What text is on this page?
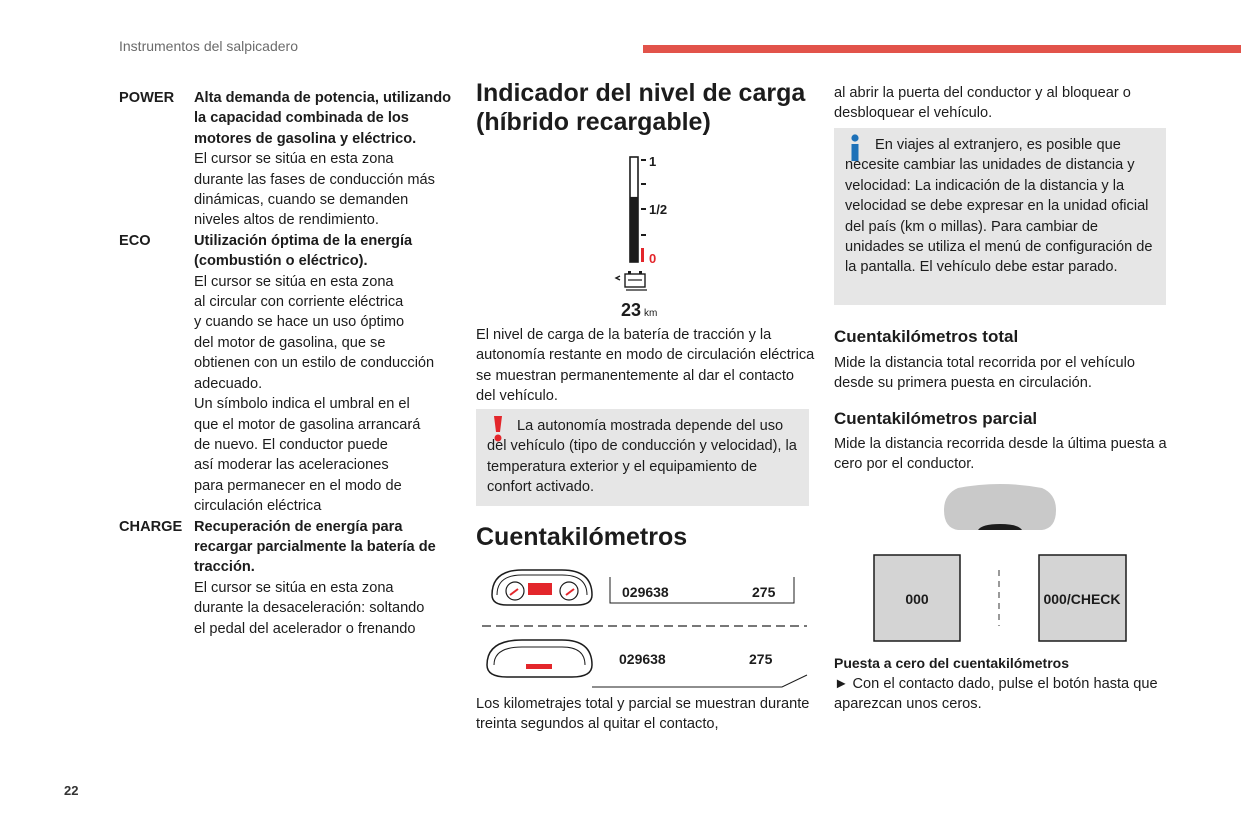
Instrumentos del salpicadero
POWER Alta demanda de potencia, utilizando la capacidad combinada de los motores de gasolina y eléctrico.
El cursor se sitúa en esta zona
durante las fases de conducción más
dinámicas, cuando se demanden
niveles altos de rendimiento.
ECO	Utilización óptima de la energía (combustión o eléctrico).
El cursor se sitúa en esta zona
al circular con corriente eléctrica
y cuando se hace un uso óptimo
del motor de gasolina, que se
obtienen con un estilo de conducción
adecuado.
Un símbolo indica el umbral en el
que el motor de gasolina arrancará
de nuevo. El conductor puede
así moderar las aceleraciones
para permanecer en el modo de
circulación eléctrica
CHARGE Recuperación de energía para recargar parcialmente la batería de tracción.
El cursor se sitúa en esta zona
durante la desaceleración: soltando
el pedal del acelerador o frenando
Indicador del nivel de carga (híbrido recargable)
1
1/2
0
23 km
El nivel de carga de la batería de tracción y la autonomía restante en modo de circulación eléctrica se muestran permanentemente al dar el contacto del vehículo.
La autonomía mostrada depende del uso del vehículo (tipo de conducción y velocidad), la temperatura exterior y el equipamiento de confort activado.
Cuentakilómetros
029638	275
029638	275
Los kilometrajes total y parcial se muestran durante treinta segundos al quitar el contacto,
al abrir la puerta del conductor y al bloquear o desbloquear el vehículo.
En viajes al extranjero, es posible que necesite cambiar las unidades de distancia y velocidad: La indicación de la distancia y la velocidad se debe expresar en la unidad oficial del país (km o millas). Para cambiar de unidades se utiliza el menú de configuración de la pantalla. El vehículo debe estar parado.
Cuentakilómetros total
Mide la distancia total recorrida por el vehículo desde su primera puesta en circulación.
Cuentakilómetros parcial
Mide la distancia recorrida desde la última puesta a cero por el conductor.
000	000/CHECK
Puesta a cero del cuentakilómetros
► Con el contacto dado, pulse el botón hasta que aparezcan unos ceros.
22
